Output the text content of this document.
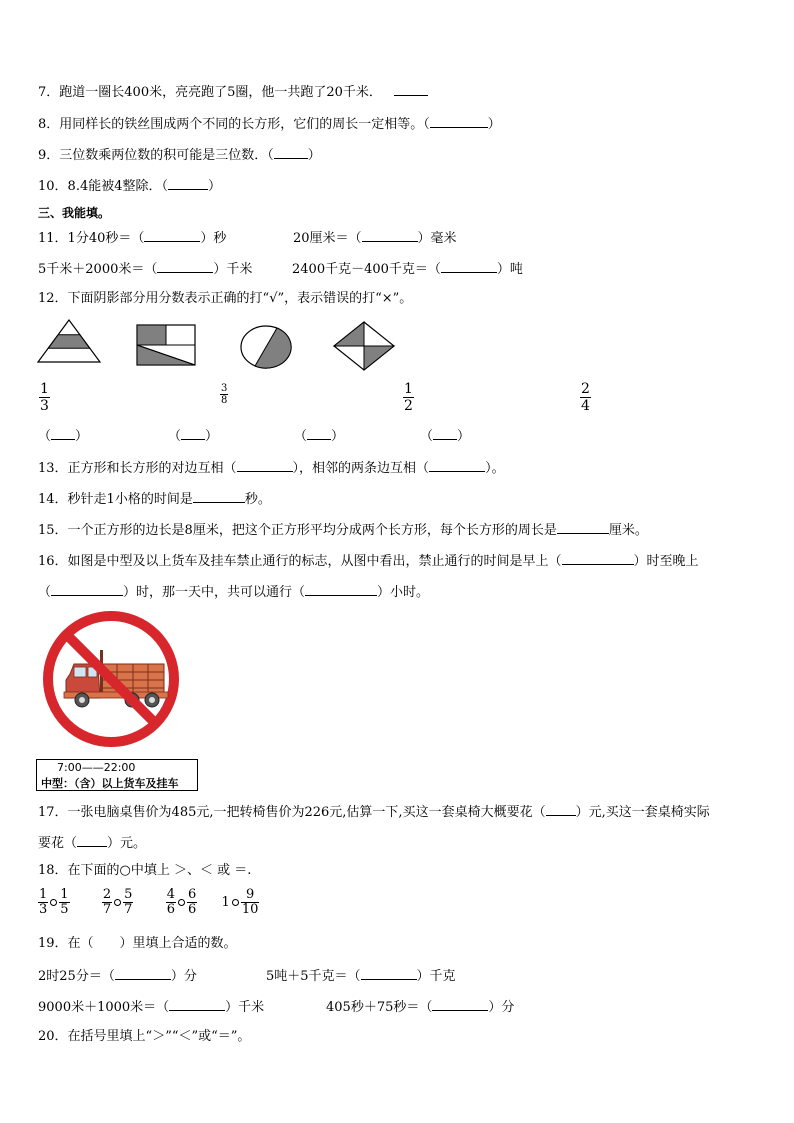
7．跑道一圈长400米，亮亮跑了5圈，他一共跑了20千米．
8．用同样长的铁丝围成两个不同的长方形，它们的周长一定相等。（	）
9．三位数乘两位数的积可能是三位数．（	）
10．8.4能被4整除．（	）
三、我能填。
11．1分40秒＝（	）秒	20厘米＝（	）毫米
5千米＋2000米＝（	）千米	2400千克－400千克＝（	）吨
12．下面阴影部分用分数表示正确的打“√”，表示错误的打“×”。
$\frac{1}{3}$	$\frac{3}{8}$	$\frac{1}{2}$	$\frac{2}{4}$
（ ）	（ ）	（ ）	（ ）
13．正方形和长方形的对边互相（	），相邻的两条边互相（	）。
14．秒针走1小格的时间是	秒。
15．一个正方形的边长是8厘米，把这个正方形平均分成两个长方形，每个长方形的周长是	厘米。
16．如图是中型及以上货车及挂车禁止通行的标志，从图中看出，禁止通行的时间是早上（	）时至晚上
（	）时，那一天中，共可以通行（	）小时。
7:00——22:00
中型：（含）以上货车及挂车
17．一张电脑桌售价为485元,一把转椅售价为226元,估算一下,买这一套桌椅大概要花（ ）元,买这一套桌椅实际
要花（ ）元。
18．在下面的○中填上 ＞、＜ 或 ＝.
$\frac{1}{3} \frac{1}{5}$
$\frac{2}{7} \frac{5}{7}$
$\frac{4}{6} \frac{6}{6} 1 \frac{9}{10}$
19．在（　　）里填上合适的数。
2时25分＝（	）分	5吨＋5千克＝（	）千克
9000米＋1000米＝（	）千米	405秒＋75秒＝（	）分
20．在括号里填上“＞”“＜”或“＝”。
